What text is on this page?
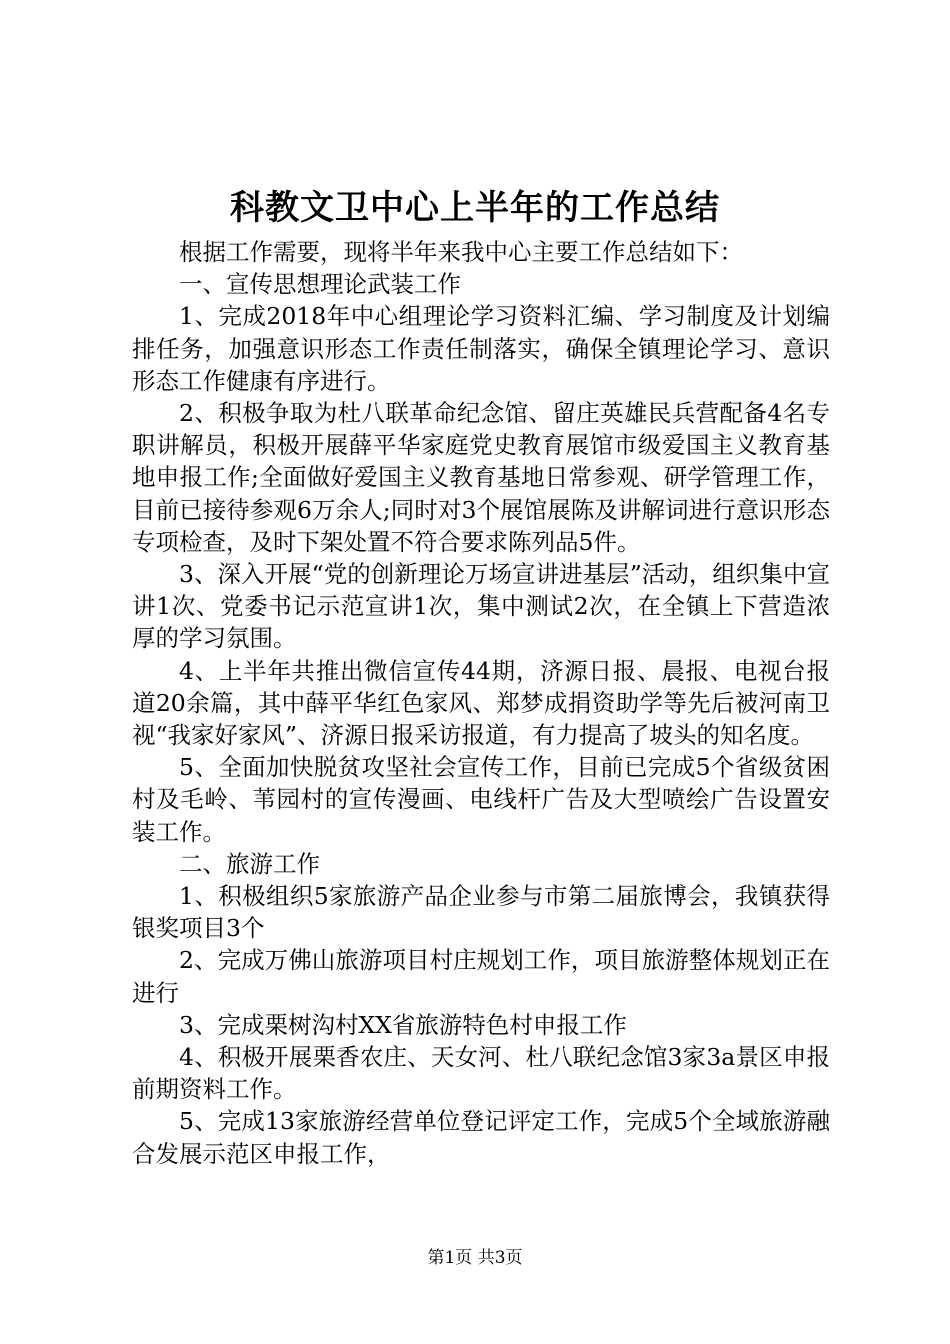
科教文卫中心上半年的工作总结

根据工作需要，现将半年来我中心主要工作总结如下：

一、宣传思想理论武装工作

1、完成2018年中心组理论学习资料汇编、学习制度及计划编排任务，加强意识形态工作责任制落实，确保全镇理论学习、意识形态工作健康有序进行。

2、积极争取为杜八联革命纪念馆、留庄英雄民兵营配备4名专职讲解员，积极开展薛平华家庭党史教育展馆市级爱国主义教育基地申报工作;全面做好爱国主义教育基地日常参观、研学管理工作，目前已接待参观6万余人;同时对3个展馆展陈及讲解词进行意识形态专项检查，及时下架处置不符合要求陈列品5件。

3、深入开展“党的创新理论万场宣讲进基层”活动，组织集中宣讲1次、党委书记示范宣讲1次，集中测试2次，在全镇上下营造浓厚的学习氛围。

4、上半年共推出微信宣传44期，济源日报、晨报、电视台报道20余篇，其中薛平华红色家风、郑梦成捐资助学等先后被河南卫视“我家好家风”、济源日报采访报道，有力提高了坡头的知名度。

5、全面加快脱贫攻坚社会宣传工作，目前已完成5个省级贫困村及毛岭、苇园村的宣传漫画、电线杆广告及大型喷绘广告设置安装工作。

二、旅游工作

1、积极组织5家旅游产品企业参与市第二届旅博会，我镇获得银奖项目3个

2、完成万佛山旅游项目村庄规划工作，项目旅游整体规划正在进行

3、完成栗树沟村XX省旅游特色村申报工作

4、积极开展栗香农庄、天女河、杜八联纪念馆3家3a景区申报前期资料工作。

5、完成13家旅游经营单位登记评定工作，完成5个全域旅游融合发展示范区申报工作，

第1页 共3页
